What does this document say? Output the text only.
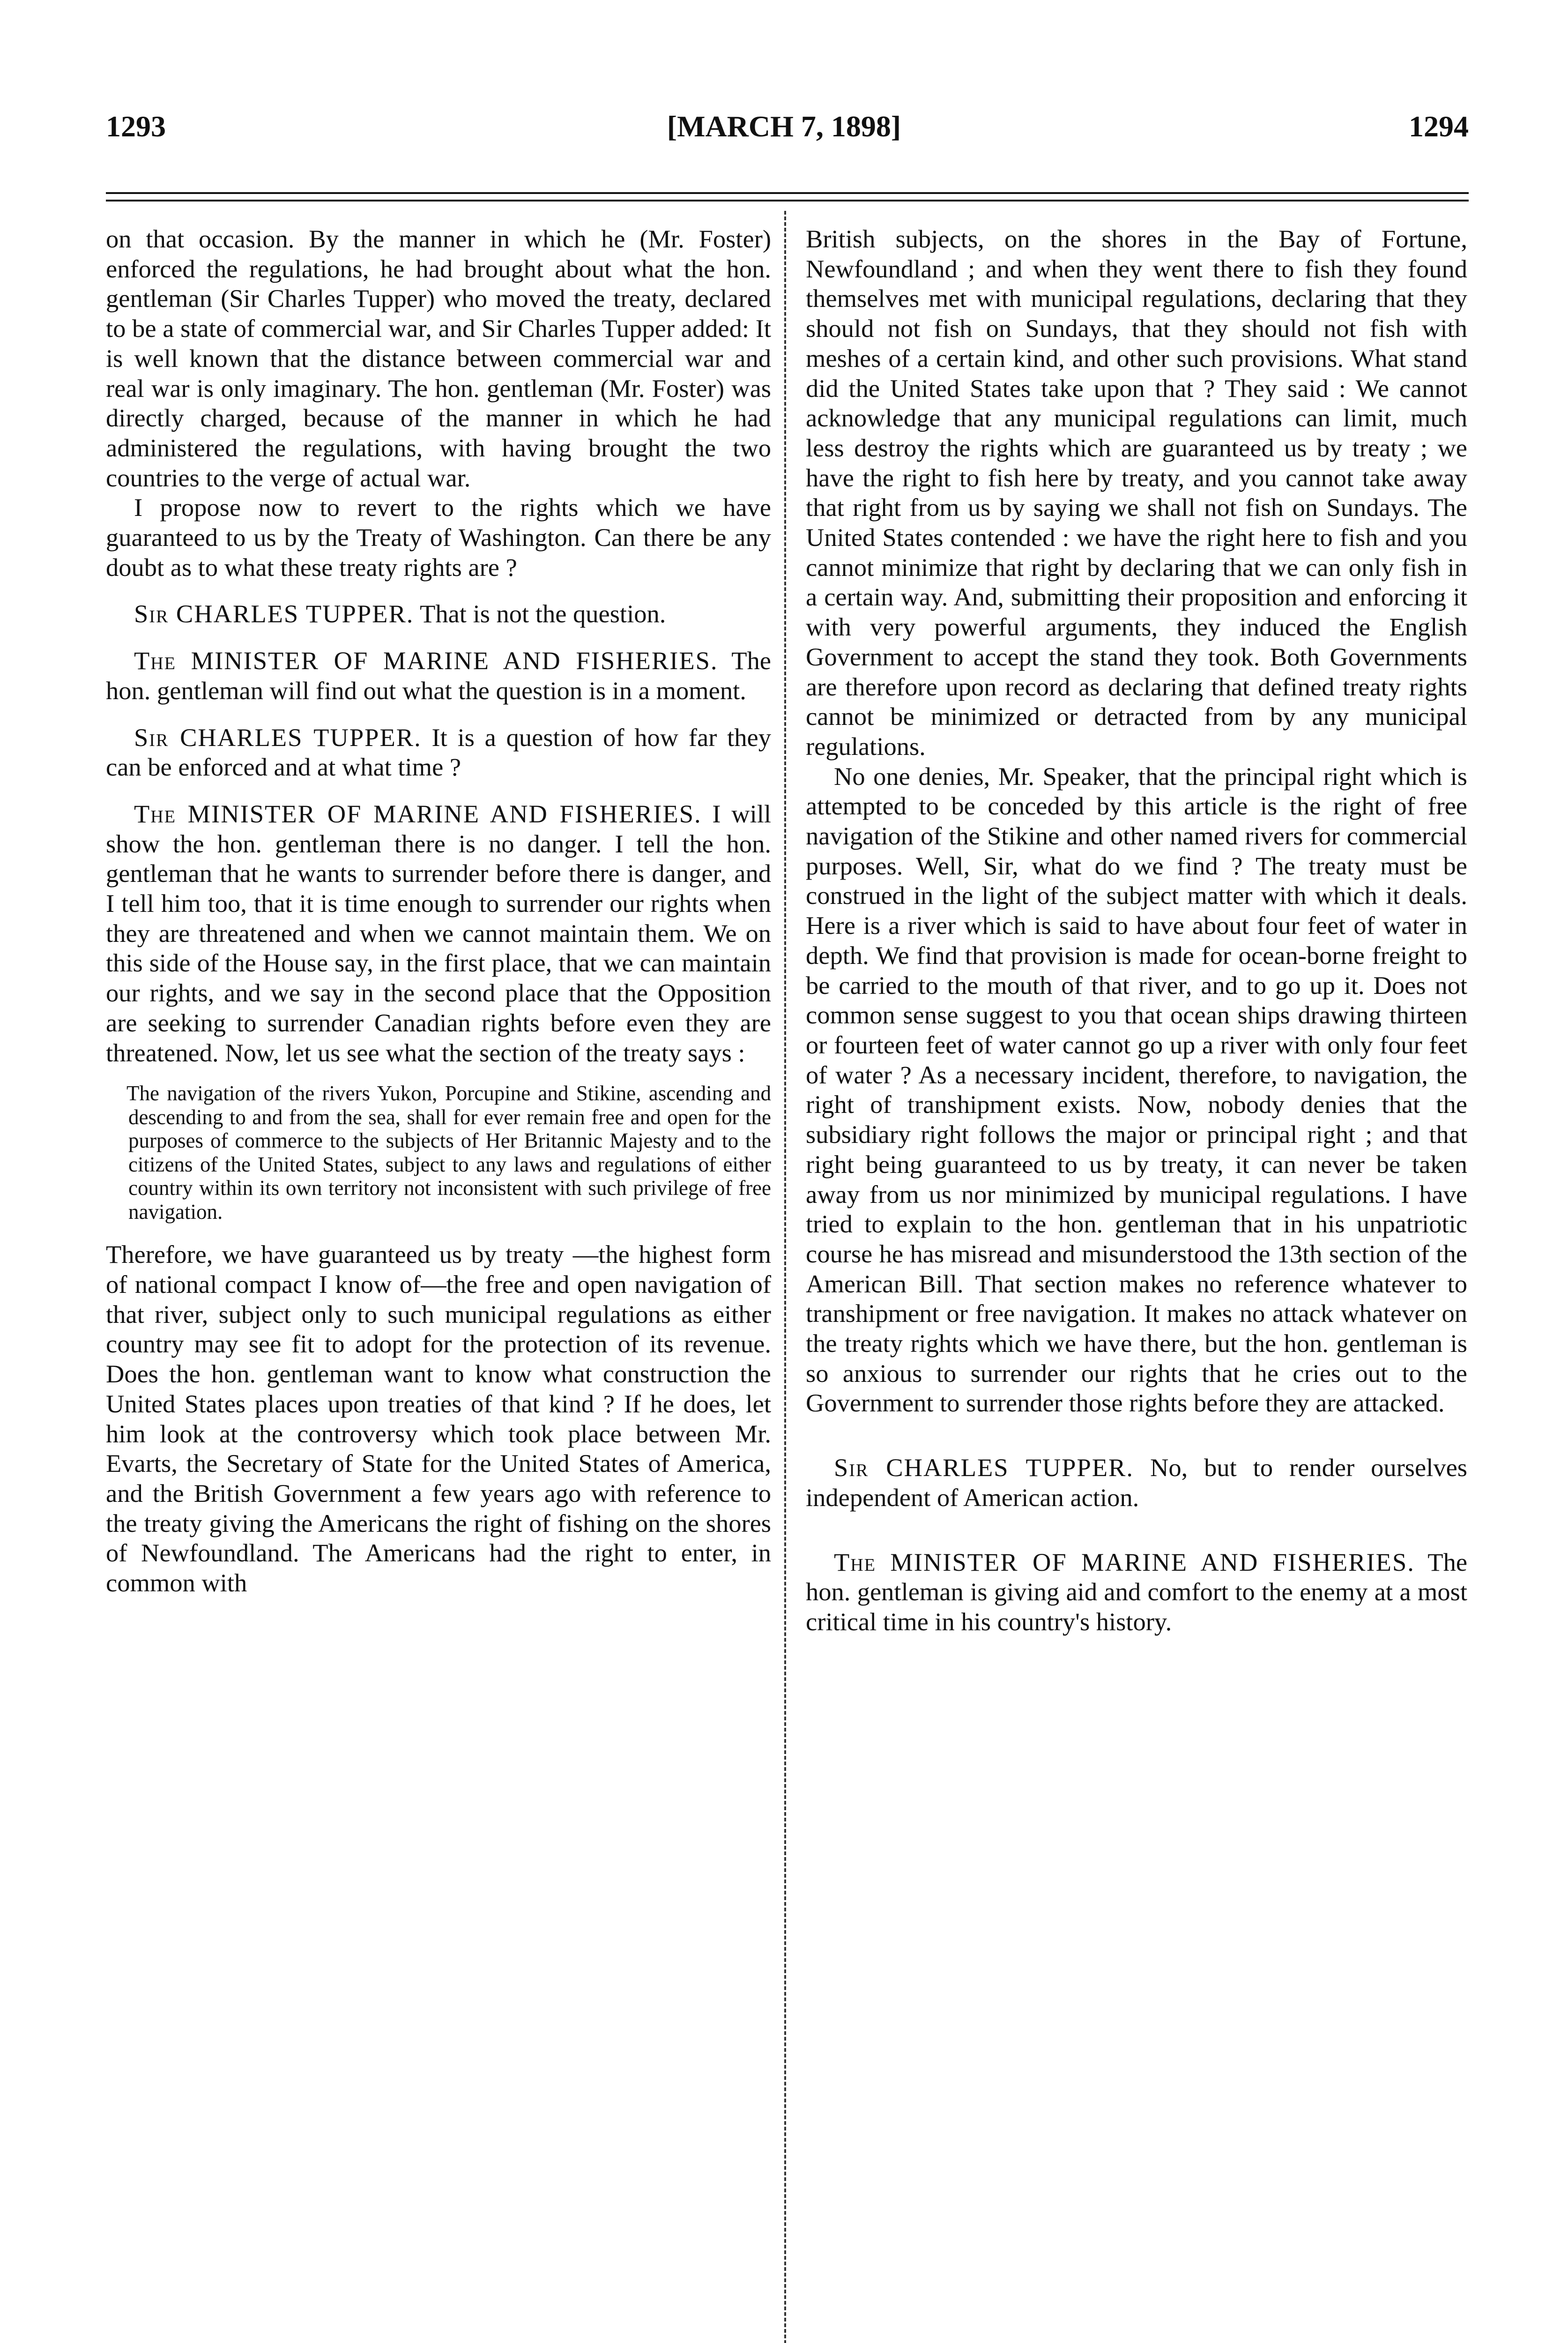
1293	[MARCH 7, 1898]	1294

on that occasion. By the manner in which he (Mr. Foster) enforced the regulations, he had brought about what the hon. gentleman (Sir Charles Tupper) who moved the treaty, declared to be a state of commercial war, and Sir Charles Tupper added: It is well known that the distance between commercial war and real war is only imaginary. The hon. gentleman (Mr. Foster) was directly charged, because of the manner in which he had administered the regulations, with having brought the two countries to the verge of actual war.

I propose now to revert to the rights which we have guaranteed to us by the Treaty of Washington. Can there be any doubt as to what these treaty rights are ?

Sir CHARLES TUPPER. That is not the question.

The MINISTER OF MARINE AND FISHERIES. The hon. gentleman will find out what the question is in a moment.

Sir CHARLES TUPPER. It is a question of how far they can be enforced and at what time ?

The MINISTER OF MARINE AND FISHERIES. I will show the hon. gentleman there is no danger. I tell the hon. gentleman that he wants to surrender before there is danger, and I tell him too, that it is time enough to surrender our rights when they are threatened and when we cannot maintain them. We on this side of the House say, in the first place, that we can maintain our rights, and we say in the second place that the Opposition are seeking to surrender Canadian rights before even they are threatened. Now, let us see what the section of the treaty says :

The navigation of the rivers Yukon, Porcupine and Stikine, ascending and descending to and from the sea, shall for ever remain free and open for the purposes of commerce to the subjects of Her Britannic Majesty and to the citizens of the United States, subject to any laws and regulations of either country within its own territory not inconsistent with such privilege of free navigation.

Therefore, we have guaranteed us by treaty —the highest form of national compact I know of—the free and open navigation of that river, subject only to such municipal regulations as either country may see fit to adopt for the protection of its revenue. Does the hon. gentleman want to know what construction the United States places upon treaties of that kind ? If he does, let him look at the controversy which took place between Mr. Evarts, the Secretary of State for the United States of America, and the British Government a few years ago with reference to the treaty giving the Americans the right of fishing on the shores of Newfoundland. The Americans had the right to enter, in common with

British subjects, on the shores in the Bay of Fortune, Newfoundland ; and when they went there to fish they found themselves met with municipal regulations, declaring that they should not fish on Sundays, that they should not fish with meshes of a certain kind, and other such provisions. What stand did the United States take upon that ? They said : We cannot acknowledge that any municipal regulations can limit, much less destroy the rights which are guaranteed us by treaty ; we have the right to fish here by treaty, and you cannot take away that right from us by saying we shall not fish on Sundays. The United States contended : we have the right here to fish and you cannot minimize that right by declaring that we can only fish in a certain way. And, submitting their proposition and enforcing it with very powerful arguments, they induced the English Government to accept the stand they took. Both Governments are therefore upon record as declaring that defined treaty rights cannot be minimized or detracted from by any municipal regulations.

No one denies, Mr. Speaker, that the principal right which is attempted to be conceded by this article is the right of free navigation of the Stikine and other named rivers for commercial purposes. Well, Sir, what do we find ? The treaty must be construed in the light of the subject matter with which it deals. Here is a river which is said to have about four feet of water in depth. We find that provision is made for ocean-borne freight to be carried to the mouth of that river, and to go up it. Does not common sense suggest to you that ocean ships drawing thirteen or fourteen feet of water cannot go up a river with only four feet of water ? As a necessary incident, therefore, to navigation, the right of transhipment exists. Now, nobody denies that the subsidiary right follows the major or principal right ; and that right being guaranteed to us by treaty, it can never be taken away from us nor minimized by municipal regulations. I have tried to explain to the hon. gentleman that in his unpatriotic course he has misread and misunderstood the 13th section of the American Bill. That section makes no reference whatever to transhipment or free navigation. It makes no attack whatever on the treaty rights which we have there, but the hon. gentleman is so anxious to surrender our rights that he cries out to the Government to surrender those rights before they are attacked.

Sir CHARLES TUPPER. No, but to render ourselves independent of American action.

The MINISTER OF MARINE AND FISHERIES. The hon. gentleman is giving aid and comfort to the enemy at a most critical time in his country's history.
